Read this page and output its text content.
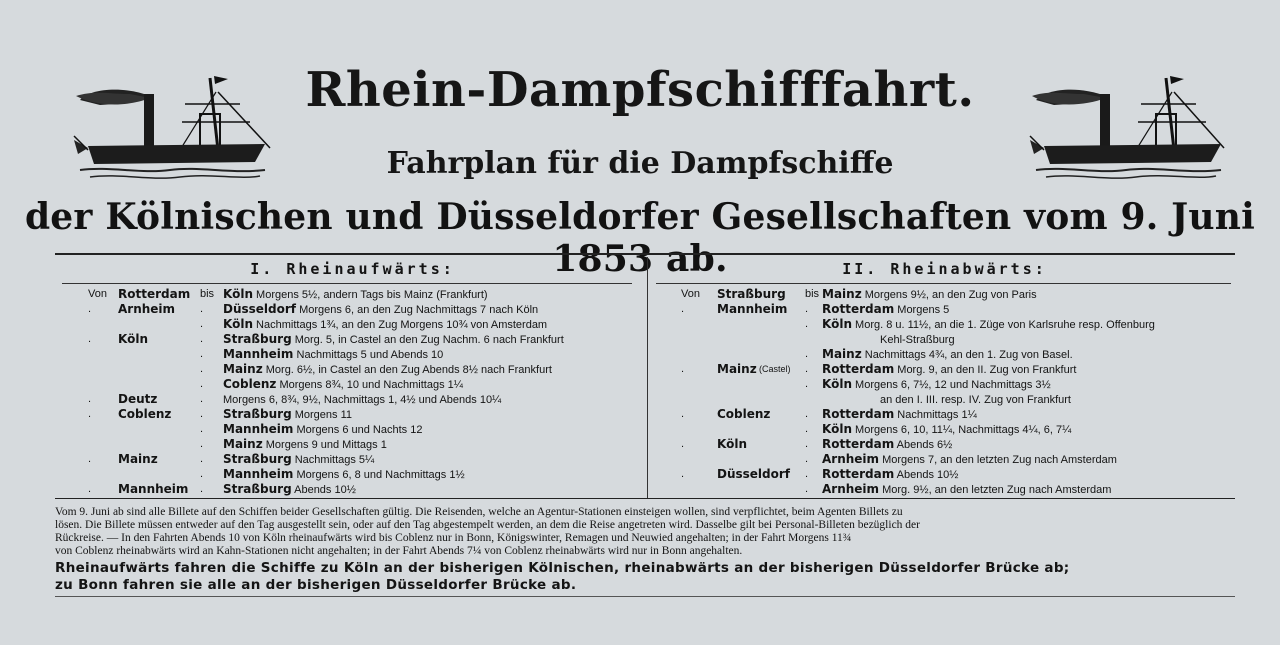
Rhein-Dampfschifffahrt.
Fahrplan für die Dampfschiffe
der Kölnischen und Düsseldorfer Gesellschaften vom 9. Juni 1853 ab.
I. Rheinaufwärts:	II. Rheinabwärts:
Von Rotterdam bis Köln Morgens 5½, andern Tags bis Mainz (Frankfurt)
. Arnheim . Düsseldorf Morgens 6, an den Zug Nachmittags 7 nach Köln
. Köln Nachmittags 1¾, an den Zug Morgens 10¾ von Amsterdam
. Köln	. Straßburg Morg. 5, in Castel an den Zug Nachm. 6 nach Frankfurt
. Mannheim Nachmittags 5 und Abends 10
. Mainz Morg. 6½, in Castel an den Zug Abends 8½ nach Frankfurt
. Coblenz Morgens 8¾, 10 und Nachmittags 1¼
. Deutz	. Morgens 6, 8¾, 9½, Nachmittags 1, 4½ und Abends 10¼
. Coblenz	. Straßburg Morgens 11
. Mannheim Morgens 6 und Nachts 12
. Mainz Morgens 9 und Mittags 1
. Mainz	. Straßburg Nachmittags 5¼
. Mannheim Morgens 6, 8 und Nachmittags 1½
. Mannheim . Straßburg Abends 10½
Von Straßburg bis Mainz Morgens 9½, an den Zug von Paris
.	Mannheim . Rotterdam Morgens 5
. Köln Morg. 8 u. 11½, an die 1. Züge von Karlsruhe resp. Offenburg
Kehl-Straßburg
. Mainz Nachmittags 4¾, an den 1. Zug von Basel.
.	Mainz (Castel) . Rotterdam Morg. 9, an den II. Zug von Frankfurt
. Köln Morgens 6, 7½, 12 und Nachmittags 3½
an den I. III. resp. IV. Zug von Frankfurt
.	Coblenz	. Rotterdam Nachmittags 1¼
. Köln Morgens 6, 10, 11¼, Nachmittags 4¼, 6, 7¼
.	Köln	. Rotterdam Abends 6½
. Arnheim Morgens 7, an den letzten Zug nach Amsterdam
.	Düsseldorf . Rotterdam Abends 10½
. Arnheim Morg. 9½, an den letzten Zug nach Amsterdam
Vom 9. Juni ab sind alle Billete auf den Schiffen beider Gesellschaften gültig. Die Reisenden, welche an Agentur-Stationen einsteigen wollen, sind verpflichtet, beim Agenten Billets zu
lösen. Die Billete müssen entweder auf den Tag ausgestellt sein, oder auf den Tag abgestempelt werden, an dem die Reise angetreten wird. Dasselbe gilt bei Personal-Billeten bezüglich der
Rückreise. — In den Fahrten Abends 10 von Köln rheinaufwärts wird bis Coblenz nur in Bonn, Königswinter, Remagen und Neuwied angehalten; in der Fahrt Morgens 11¾
von Coblenz rheinabwärts wird an Kahn-Stationen nicht angehalten; in der Fahrt Abends 7¼ von Coblenz rheinabwärts wird nur in Bonn angehalten.
Rheinaufwärts fahren die Schiffe zu Köln an der bisherigen Kölnischen, rheinabwärts an der bisherigen Düsseldorfer Brücke ab;
zu Bonn fahren sie alle an der bisherigen Düsseldorfer Brücke ab.
